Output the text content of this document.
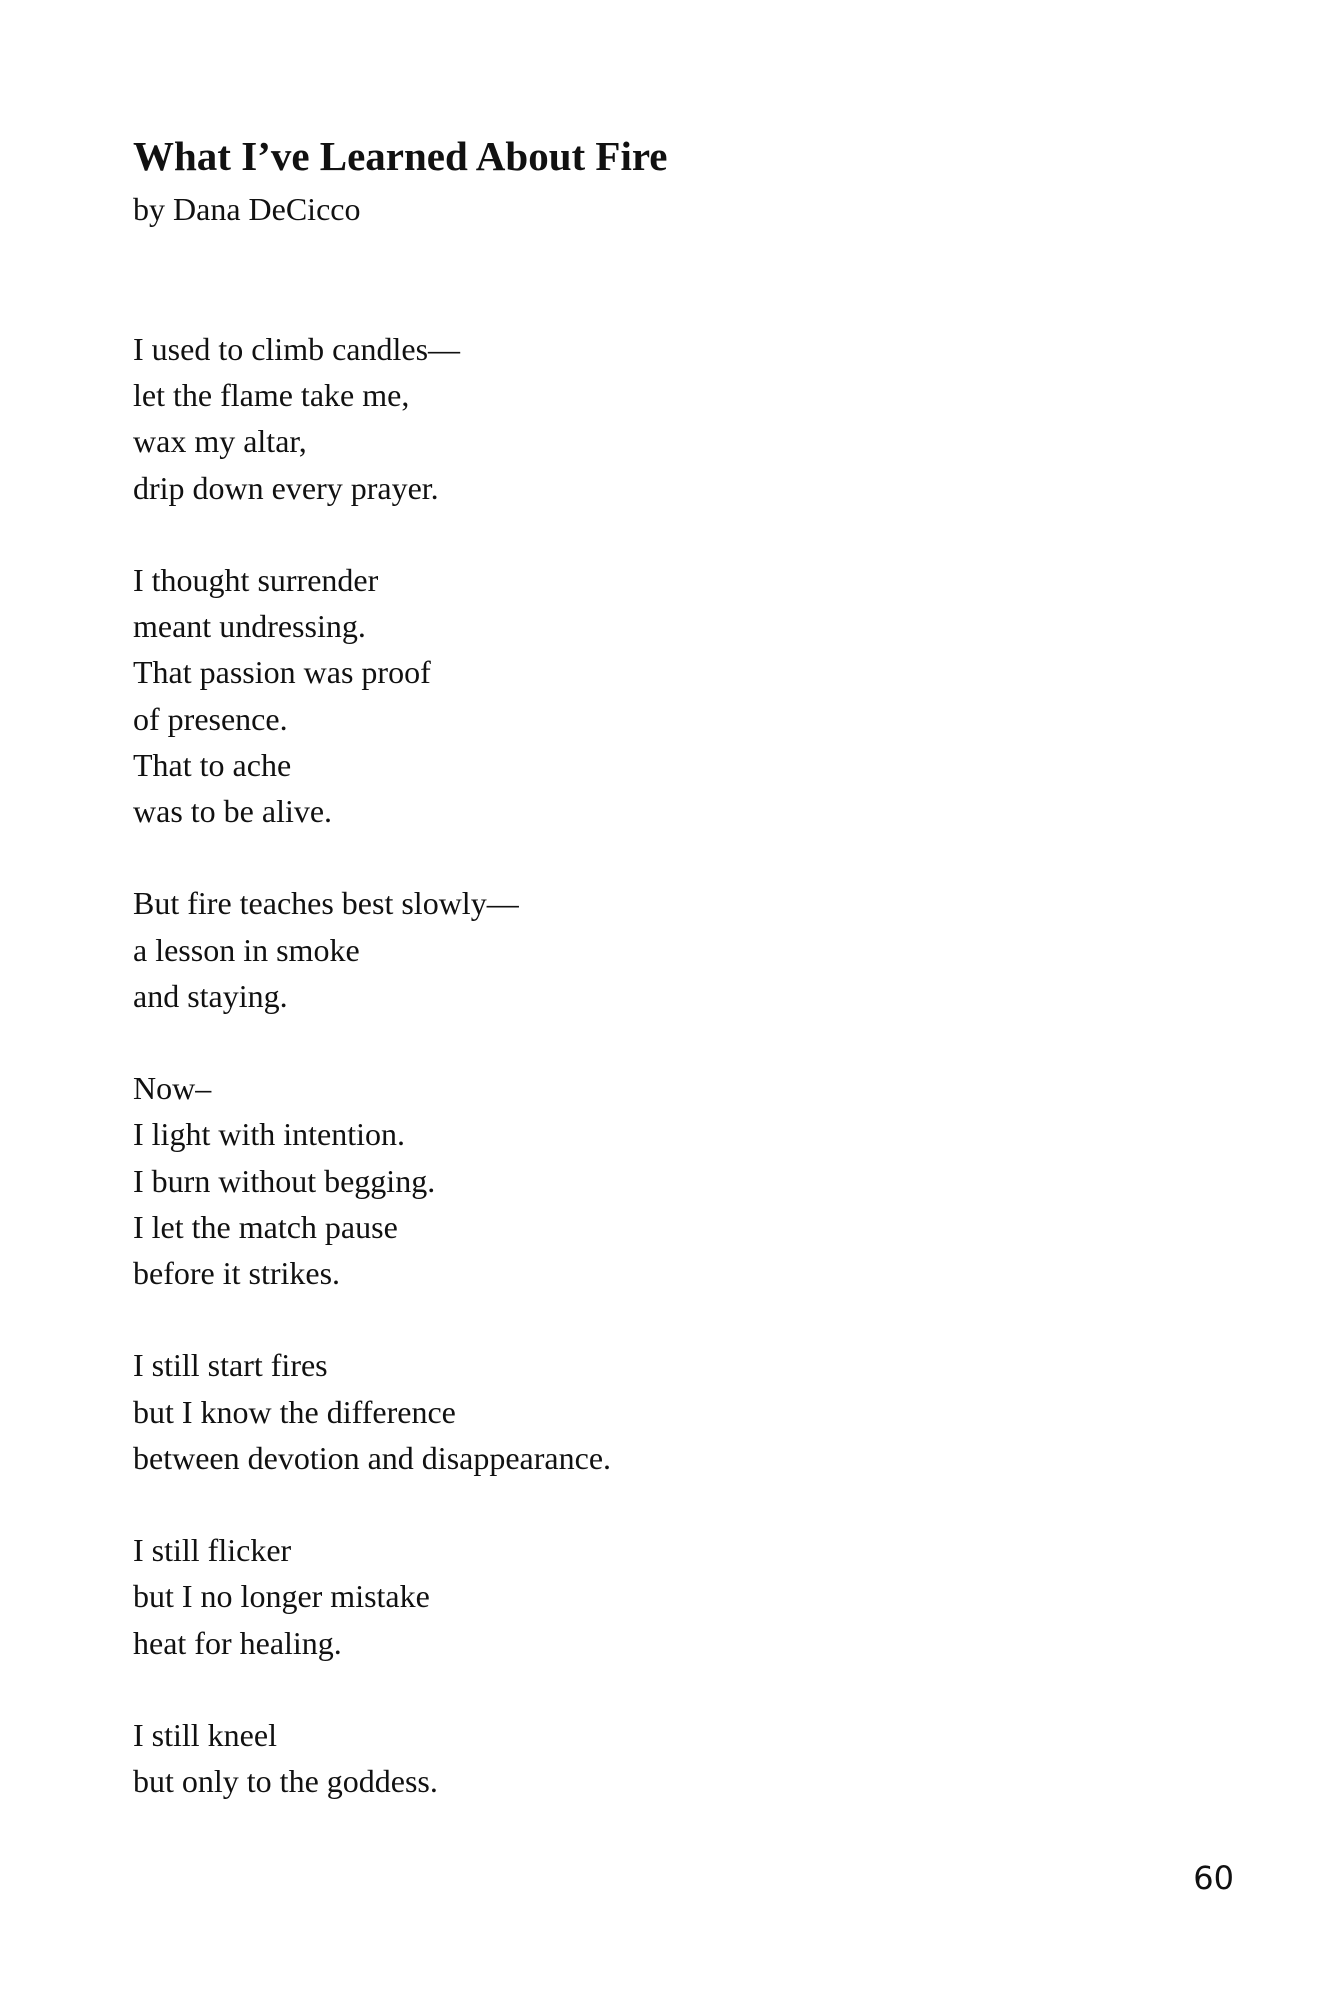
What I’ve Learned About Fire
by Dana DeCicco

I used to climb candles—
let the flame take me,
wax my altar,
drip down every prayer.

I thought surrender
meant undressing.
That passion was proof
of presence.
That to ache
was to be alive.

But fire teaches best slowly—
a lesson in smoke
and staying.

Now–
I light with intention.
I burn without begging.
I let the match pause
before it strikes.

I still start fires
but I know the difference
between devotion and disappearance.

I still flicker
but I no longer mistake
heat for healing.

I still kneel
but only to the goddess.

60
